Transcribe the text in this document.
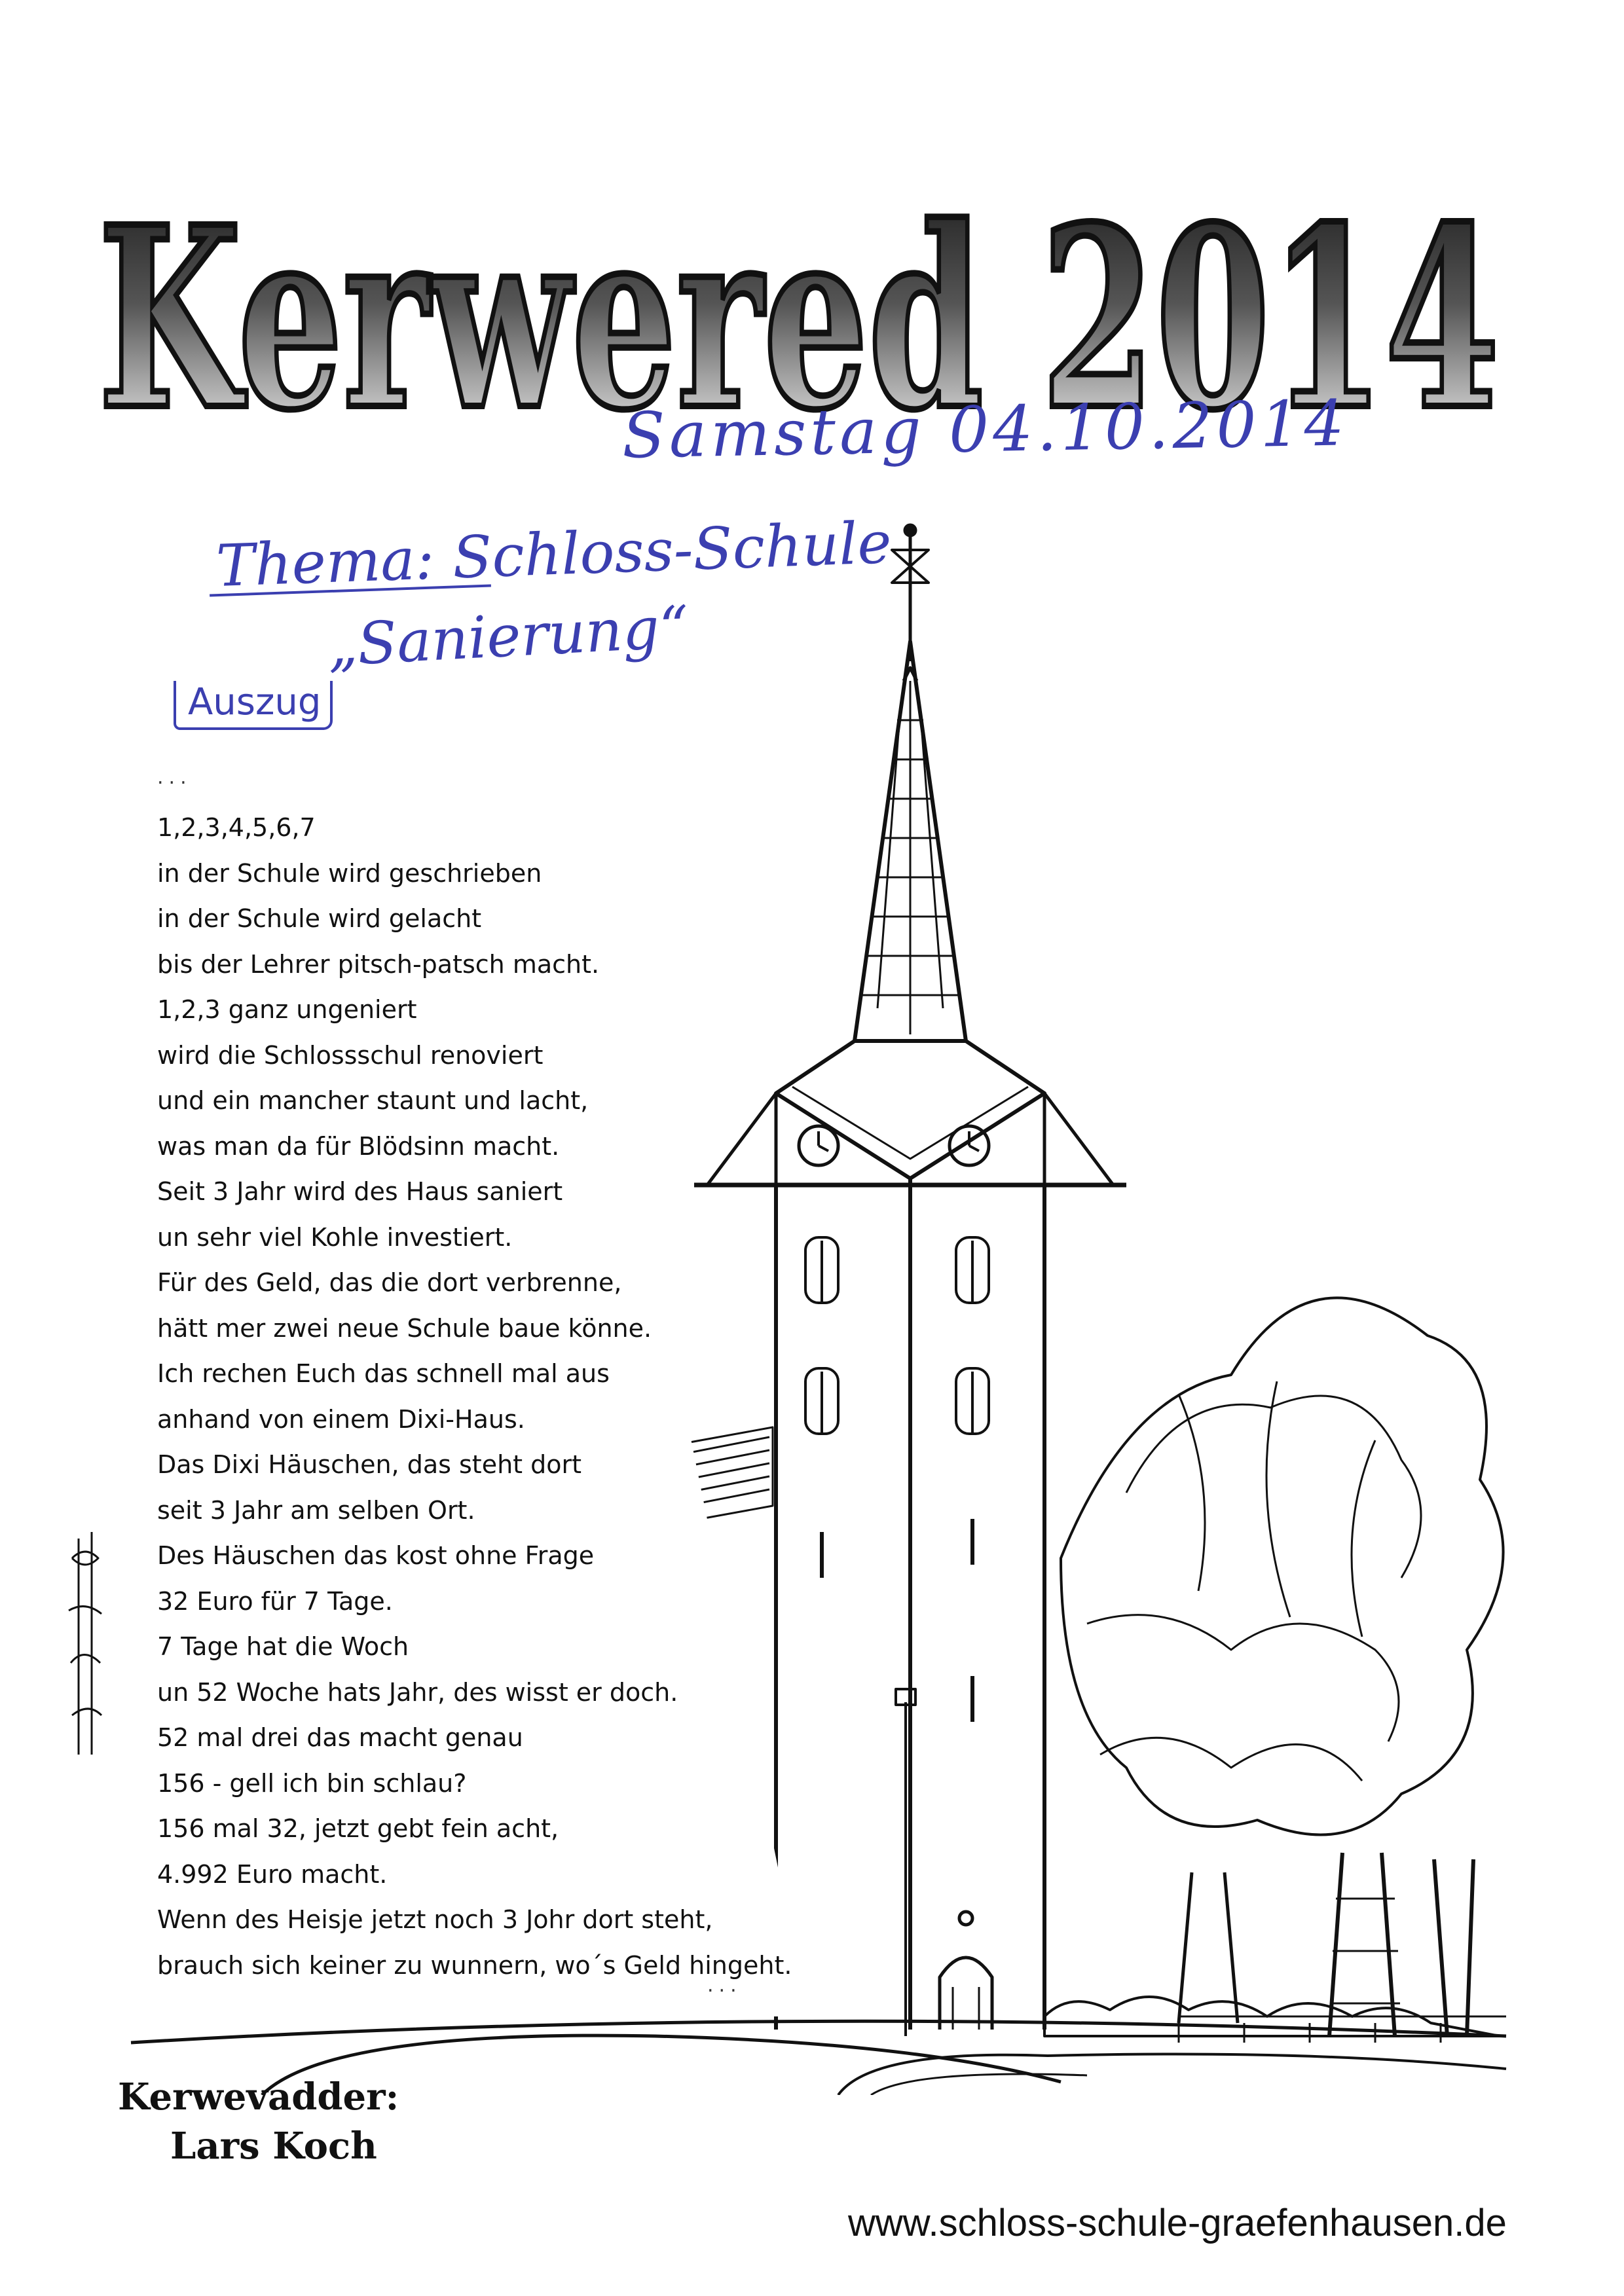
Kerwered 2014
Samstag 04.10.2014
Thema: Schloss-Schule
„Sanierung“
Auszug
...
1,2,3,4,5,6,7
in der Schule wird geschrieben
in der Schule wird gelacht
bis der Lehrer pitsch-patsch macht.
1,2,3 ganz ungeniert
wird die Schlossschul renoviert
und ein mancher staunt und lacht,
was man da für Blödsinn macht.
Seit 3 Jahr wird des Haus saniert
un sehr viel Kohle investiert.
Für des Geld, das die dort verbrenne,
hätt mer zwei neue Schule baue könne.
Ich rechen Euch das schnell mal aus
anhand von einem Dixi-Haus.
Das Dixi Häuschen, das steht dort
seit 3 Jahr am selben Ort.
Des Häuschen das kost ohne Frage
32 Euro für 7 Tage.
7 Tage hat die Woch
un 52 Woche hats Jahr, des wisst er doch.
52 mal drei das macht genau
156 - gell ich bin schlau?
156 mal 32, jetzt gebt fein acht,
4.992 Euro macht.
Wenn des Heisje jetzt noch 3 Johr dort steht,
brauch sich keiner zu wunnern, wo´s Geld hingeht.
...
Kerwevadder:
Lars Koch
www.schloss-schule-graefenhausen.de
